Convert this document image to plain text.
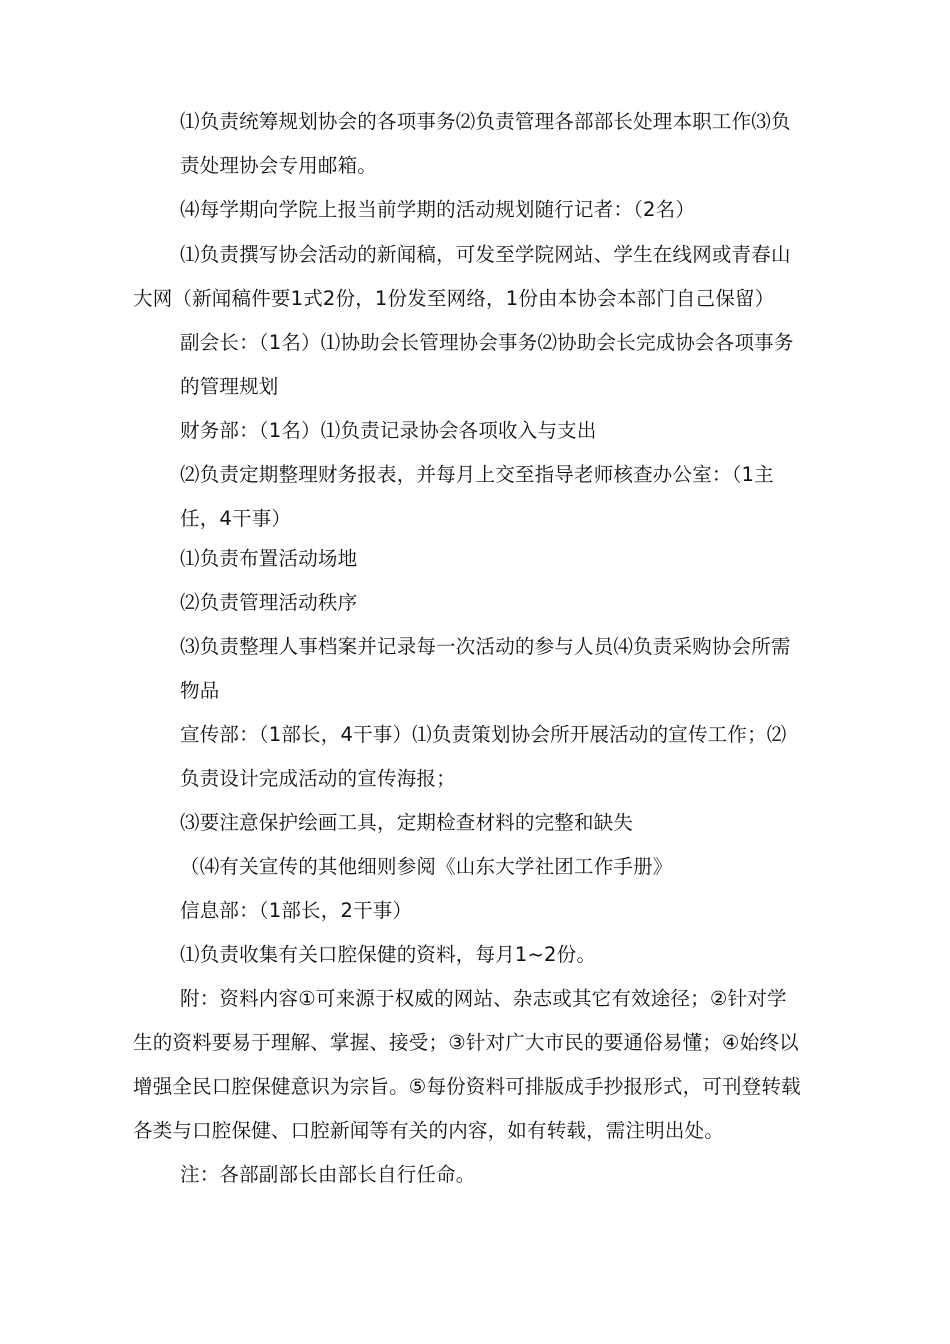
⑴负责统筹规划协会的各项事务⑵负责管理各部部长处理本职工作⑶负
责处理协会专用邮箱。
⑷每学期向学院上报当前学期的活动规划随行记者：（2名）
⑴负责撰写协会活动的新闻稿，可发至学院网站、学生在线网或青春山
大网（新闻稿件要1式2份，1份发至网络，1份由本协会本部门自己保留）
副会长：（1名）⑴协助会长管理协会事务⑵协助会长完成协会各项事务
的管理规划
财务部：（1名）⑴负责记录协会各项收入与支出
⑵负责定期整理财务报表，并每月上交至指导老师核查办公室：（1主
任，4干事）
⑴负责布置活动场地
⑵负责管理活动秩序
⑶负责整理人事档案并记录每一次活动的参与人员⑷负责采购协会所需
物品
宣传部：（1部长，4干事）⑴负责策划协会所开展活动的宣传工作；⑵
负责设计完成活动的宣传海报；
⑶要注意保护绘画工具，定期检查材料的完整和缺失
（⑷有关宣传的其他细则参阅《山东大学社团工作手册》
信息部：（1部长，2干事）
⑴负责收集有关口腔保健的资料，每月1~2份。
附：资料内容①可来源于权威的网站、杂志或其它有效途径；②针对学
生的资料要易于理解、掌握、接受；③针对广大市民的要通俗易懂；④始终以
增强全民口腔保健意识为宗旨。⑤每份资料可排版成手抄报形式，可刊登转载
各类与口腔保健、口腔新闻等有关的内容，如有转载，需注明出处。
注：各部副部长由部长自行任命。
